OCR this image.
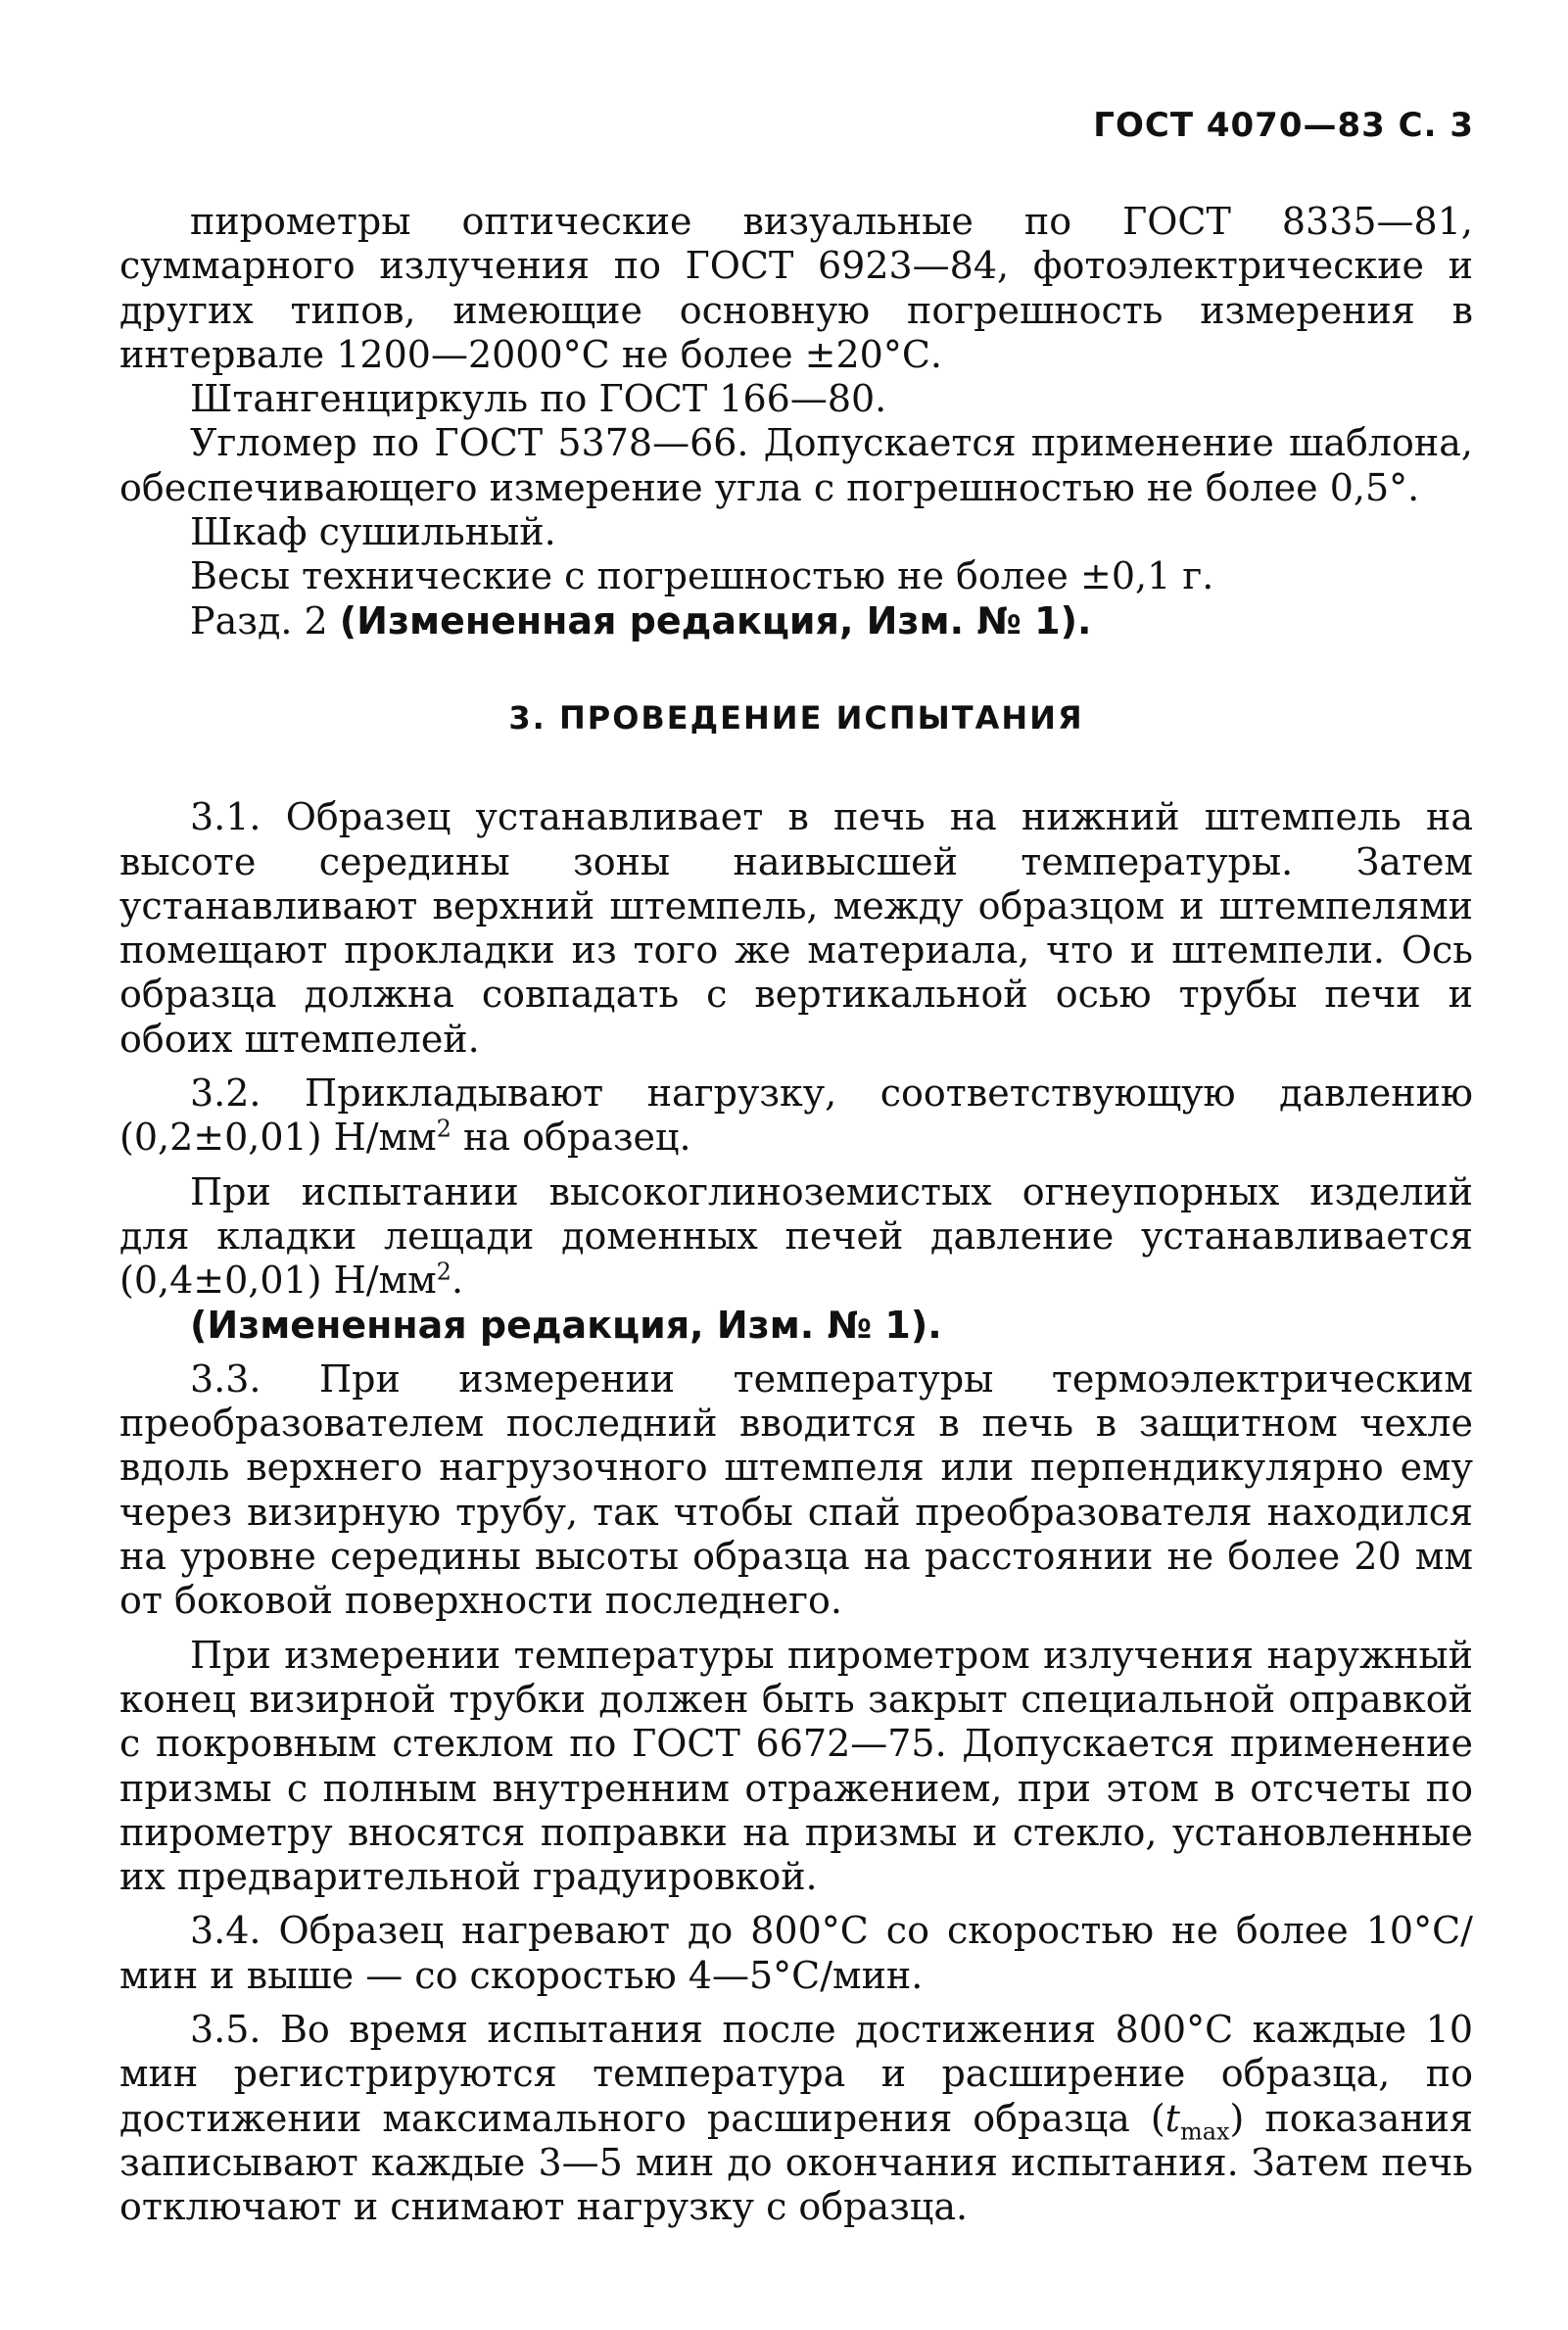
ГОСТ 4070—83 С. 3

пирометры оптические визуальные по ГОСТ 8335—81, суммарного излучения по ГОСТ 6923—84, фотоэлектрические и других типов, имеющие основную погрешность измерения в интервале 1200—2000°С не более ±20°С.

Штангенциркуль по ГОСТ 166—80.

Угломер по ГОСТ 5378—66. Допускается применение шаблона, обеспечивающего измерение угла с погрешностью не более 0,5°.

Шкаф сушильный.

Весы технические с погрешностью не более ±0,1 г.

Разд. 2 (Измененная редакция, Изм. № 1).

3. ПРОВЕДЕНИЕ ИСПЫТАНИЯ

3.1. Образец устанавливает в печь на нижний штемпель на высоте середины зоны наивысшей температуры. Затем устанавливают верхний штемпель, между образцом и штемпелями помещают прокладки из того же материала, что и штемпели. Ось образца должна совпадать с вертикальной осью трубы печи и обоих штемпелей.

3.2. Прикладывают нагрузку, соответствующую давлению (0,2±0,01) $Н/мм^2$ на образец.

При испытании высокоглиноземистых огнеупорных изделий для кладки лещади доменных печей давление устанавливается (0,4±0,01) $Н/мм^2$.

(Измененная редакция, Изм. № 1).

3.3. При измерении температуры термоэлектрическим преобразователем последний вводится в печь в защитном чехле вдоль верхнего нагрузочного штемпеля или перпендикулярно ему через визирную трубу, так чтобы спай преобразователя находился на уровне середины высоты образца на расстоянии не более 20 мм от боковой поверхности последнего.

При измерении температуры пирометром излучения наружный конец визирной трубки должен быть закрыт специальной оправкой с покровным стеклом по ГОСТ 6672—75. Допускается применение призмы с полным внутренним отражением, при этом в отсчеты по пирометру вносятся поправки на призмы и стекло, установленные их предварительной градуировкой.

3.4. Образец нагревают до 800°С со скоростью не более 10°С/мин и выше — со скоростью 4—5°С/мин.

3.5. Во время испытания после достижения 800°С каждые 10 мин регистрируются температура и расширение образца, по достижении максимального расширения образца $(t_{max})$ показания записывают каждые 3—5 мин до окончания испытания. Затем печь отключают и снимают нагрузку с образца.
